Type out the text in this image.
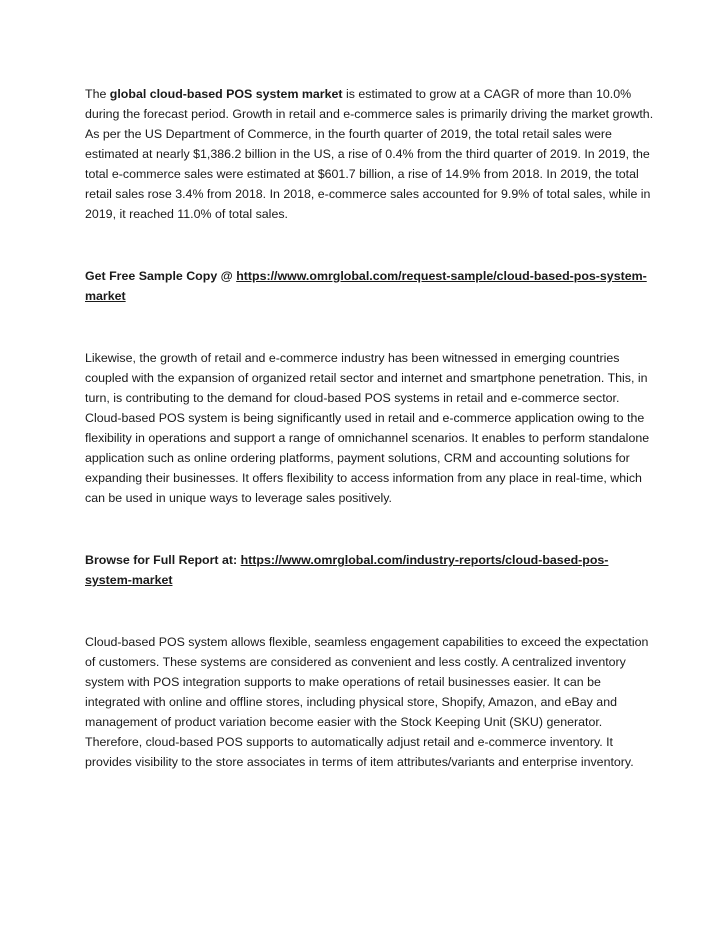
The global cloud-based POS system market is estimated to grow at a CAGR of more than 10.0% during the forecast period. Growth in retail and e-commerce sales is primarily driving the market growth. As per the US Department of Commerce, in the fourth quarter of 2019, the total retail sales were estimated at nearly $1,386.2 billion in the US, a rise of 0.4% from the third quarter of 2019. In 2019, the total e-commerce sales were estimated at $601.7 billion, a rise of 14.9% from 2018. In 2019, the total retail sales rose 3.4% from 2018. In 2018, e-commerce sales accounted for 9.9% of total sales, while in 2019, it reached 11.0% of total sales.

Get Free Sample Copy @ https://www.omrglobal.com/request-sample/cloud-based-pos-system-market

Likewise, the growth of retail and e-commerce industry has been witnessed in emerging countries coupled with the expansion of organized retail sector and internet and smartphone penetration. This, in turn, is contributing to the demand for cloud-based POS systems in retail and e-commerce sector. Cloud-based POS system is being significantly used in retail and e-commerce application owing to the flexibility in operations and support a range of omnichannel scenarios. It enables to perform standalone application such as online ordering platforms, payment solutions, CRM and accounting solutions for expanding their businesses. It offers flexibility to access information from any place in real-time, which can be used in unique ways to leverage sales positively.

Browse for Full Report at: https://www.omrglobal.com/industry-reports/cloud-based-pos-system-market

Cloud-based POS system allows flexible, seamless engagement capabilities to exceed the expectation of customers. These systems are considered as convenient and less costly. A centralized inventory system with POS integration supports to make operations of retail businesses easier. It can be integrated with online and offline stores, including physical store, Shopify, Amazon, and eBay and management of product variation become easier with the Stock Keeping Unit (SKU) generator. Therefore, cloud-based POS supports to automatically adjust retail and e-commerce inventory. It provides visibility to the store associates in terms of item attributes/variants and enterprise inventory.
